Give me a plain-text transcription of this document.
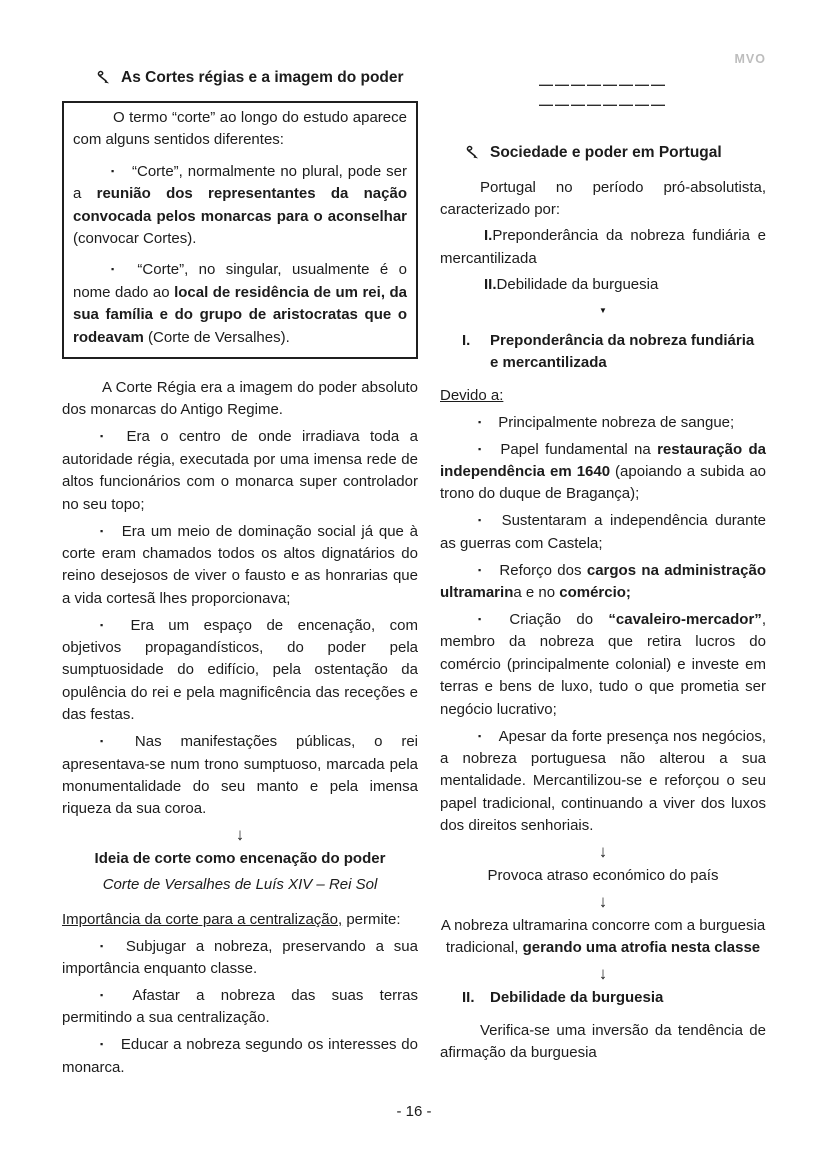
MVO
As Cortes régias e a imagem do poder
O termo “corte” ao longo do estudo aparece com alguns sentidos diferentes:
▪ “Corte”, normalmente no plural, pode ser a reunião dos representantes da nação convocada pelos monarcas para o aconselhar (convocar Cortes).
▪ “Corte”, no singular, usualmente é o nome dado ao local de residência de um rei, da sua família e do grupo de aristocratas que o rodeavam (Corte de Versalhes).
A Corte Régia era a imagem do poder absoluto dos monarcas do Antigo Regime.
▪ Era o centro de onde irradiava toda a autoridade régia, executada por uma imensa rede de altos funcionários com o monarca super controlador no seu topo;
▪ Era um meio de dominação social já que à corte eram chamados todos os altos dignatários do reino desejosos de viver o fausto e as honrarias que a vida cortesã lhes proporcionava;
▪ Era um espaço de encenação, com objetivos propagandísticos, do poder pela sumptuosidade do edifício, pela ostentação da opulência do rei e pela magnificência das receções e das festas.
▪ Nas manifestações públicas, o rei apresentava-se num trono sumptuoso, marcada pela monumentalidade do seu manto e pela imensa riqueza da sua coroa.
↓
Ideia de corte como encenação do poder
Corte de Versalhes de Luís XIV – Rei Sol
Importância da corte para a centralização, permite:
▪ Subjugar a nobreza, preservando a sua importância enquanto classe.
▪ Afastar a nobreza das suas terras permitindo a sua centralização.
▪ Educar a nobreza segundo os interesses do monarca.
————————
————————
Sociedade e poder em Portugal
Portugal no período pró-absolutista, caracterizado por:
I.Preponderância da nobreza fundiária e mercantilizada
II.Debilidade da burguesia
▼
I.	Preponderância da nobreza fundiária e mercantilizada
Devido a:
▪ Principalmente nobreza de sangue;
▪ Papel fundamental na restauração da independência em 1640 (apoiando a subida ao trono do duque de Bragança);
▪ Sustentaram a independência durante as guerras com Castela;
▪ Reforço dos cargos na administração ultramarina e no comércio;
▪ Criação do “cavaleiro-mercador”, membro da nobreza que retira lucros do comércio (principalmente colonial) e investe em terras e bens de luxo, tudo o que prometia ser negócio lucrativo;
▪ Apesar da forte presença nos negócios, a nobreza portuguesa não alterou a sua mentalidade. Mercantilizou-se e reforçou o seu papel tradicional, continuando a viver dos luxos dos direitos senhoriais.
↓
Provoca atraso económico do país
↓
A nobreza ultramarina concorre com a burguesia tradicional, gerando uma atrofia nesta classe
↓
II.	Debilidade da burguesia
Verifica-se uma inversão da tendência de afirmação da burguesia
- 16 -
